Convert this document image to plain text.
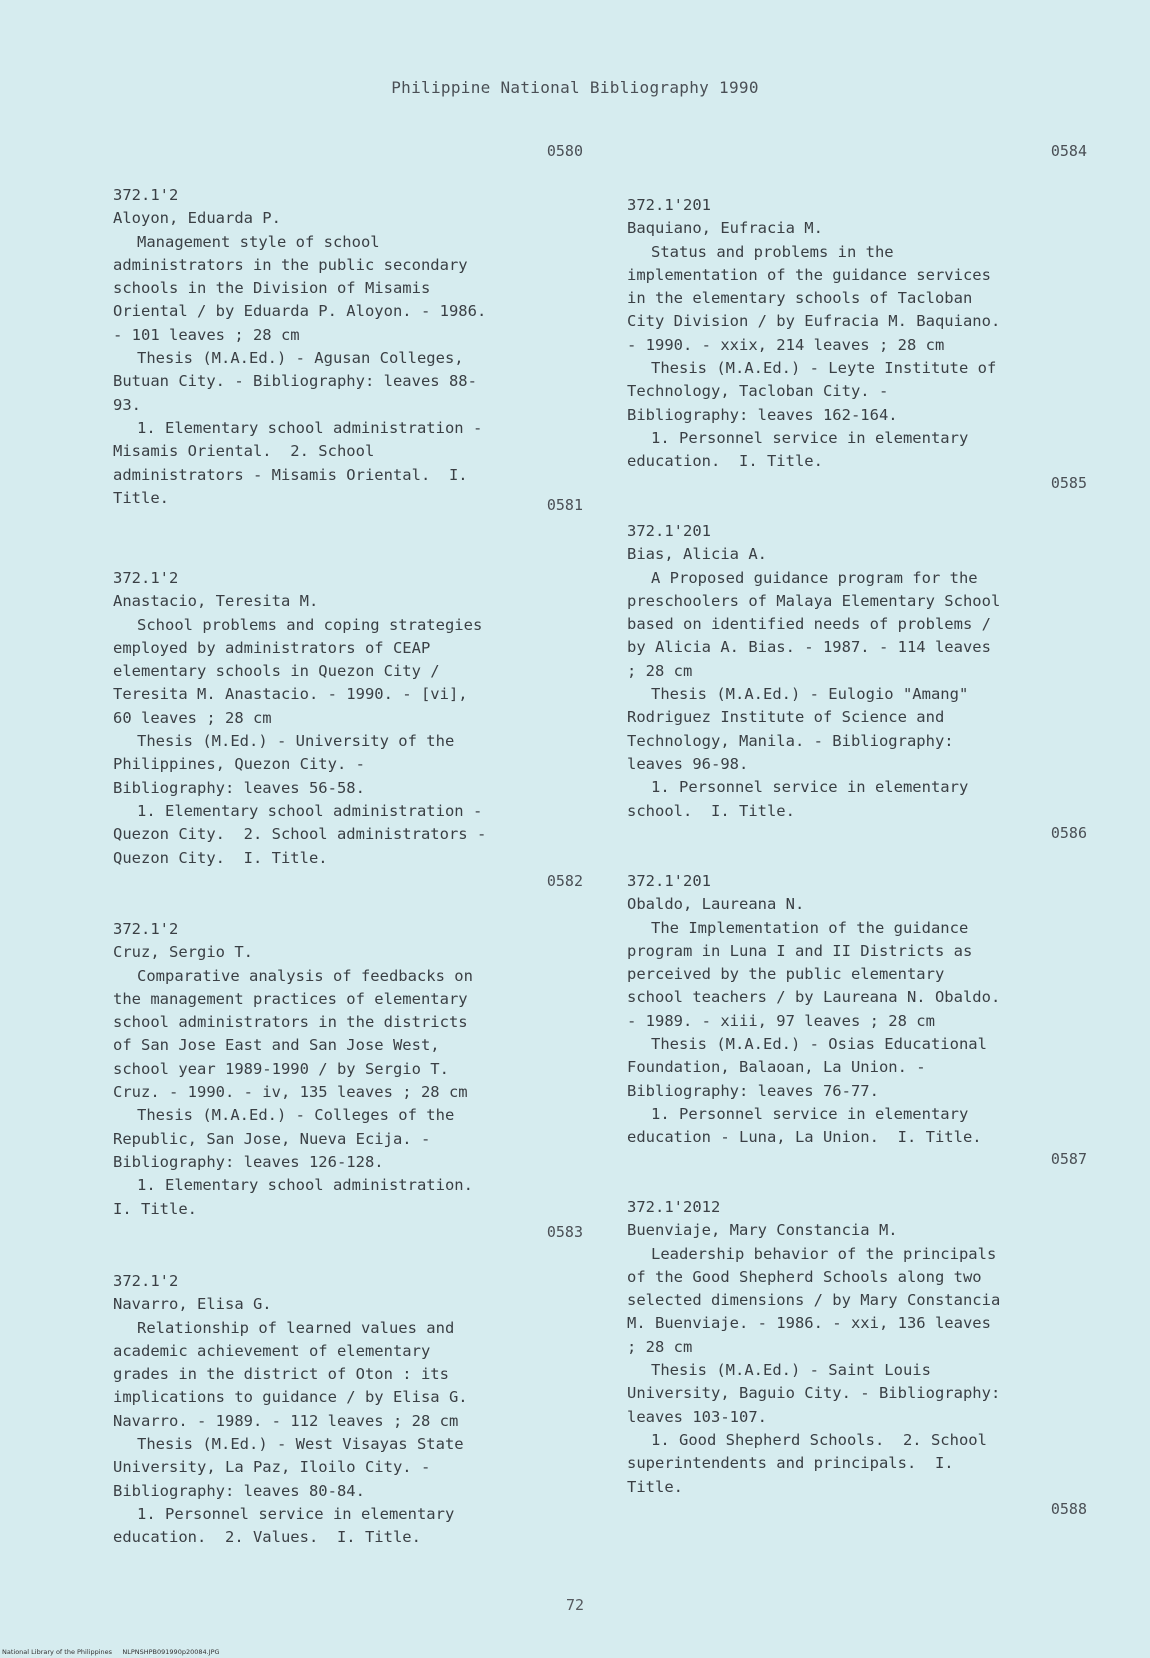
Philippine National Bibliography 1990
0580
372.1'2
Aloyon, Eduarda P.
Management style of school
administrators in the public secondary
schools in the Division of Misamis
Oriental / by Eduarda P. Aloyon. - 1986.
- 101 leaves ; 28 cm
Thesis (M.A.Ed.) - Agusan Colleges,
Butuan City. - Bibliography: leaves 88-
93.
1. Elementary school administration -
Misamis Oriental.  2. School
administrators - Misamis Oriental.  I.
Title.	0581
372.1'2
Anastacio, Teresita M.
School problems and coping strategies
employed by administrators of CEAP
elementary schools in Quezon City /
Teresita M. Anastacio. - 1990. - [vi],
60 leaves ; 28 cm
Thesis (M.Ed.) - University of the
Philippines, Quezon City. -
Bibliography: leaves 56-58.
1. Elementary school administration -
Quezon City.  2. School administrators -
Quezon City.  I. Title.
0582
372.1'2
Cruz, Sergio T.
Comparative analysis of feedbacks on
the management practices of elementary
school administrators in the districts
of San Jose East and San Jose West,
school year 1989-1990 / by Sergio T.
Cruz. - 1990. - iv, 135 leaves ; 28 cm
Thesis (M.A.Ed.) - Colleges of the
Republic, San Jose, Nueva Ecija. -
Bibliography: leaves 126-128.
1. Elementary school administration.
I. Title.
0583
372.1'2
Navarro, Elisa G.
Relationship of learned values and
academic achievement of elementary
grades in the district of Oton : its
implications to guidance / by Elisa G.
Navarro. - 1989. - 112 leaves ; 28 cm
Thesis (M.Ed.) - West Visayas State
University, La Paz, Iloilo City. -
Bibliography: leaves 80-84.
1. Personnel service in elementary
education.  2. Values.  I. Title.
0584
372.1'201
Baquiano, Eufracia M.
Status and problems in the
implementation of the guidance services
in the elementary schools of Tacloban
City Division / by Eufracia M. Baquiano.
- 1990. - xxix, 214 leaves ; 28 cm
Thesis (M.A.Ed.) - Leyte Institute of
Technology, Tacloban City. -
Bibliography: leaves 162-164.
1. Personnel service in elementary
education.  I. Title.
0585
372.1'201
Bias, Alicia A.
A Proposed guidance program for the
preschoolers of Malaya Elementary School
based on identified needs of problems /
by Alicia A. Bias. - 1987. - 114 leaves
; 28 cm
Thesis (M.A.Ed.) - Eulogio "Amang"
Rodriguez Institute of Science and
Technology, Manila. - Bibliography:
leaves 96-98.
1. Personnel service in elementary
school.  I. Title.
0586
372.1'201
Obaldo, Laureana N.
The Implementation of the guidance
program in Luna I and II Districts as
perceived by the public elementary
school teachers / by Laureana N. Obaldo.
- 1989. - xiii, 97 leaves ; 28 cm
Thesis (M.A.Ed.) - Osias Educational
Foundation, Balaoan, La Union. -
Bibliography: leaves 76-77.
1. Personnel service in elementary
education - Luna, La Union.  I. Title.
0587
372.1'2012
Buenviaje, Mary Constancia M.
Leadership behavior of the principals
of the Good Shepherd Schools along two
selected dimensions / by Mary Constancia
M. Buenviaje. - 1986. - xxi, 136 leaves
; 28 cm
Thesis (M.A.Ed.) - Saint Louis
University, Baguio City. - Bibliography:
leaves 103-107.
1. Good Shepherd Schools.  2. School
superintendents and principals.  I.
Title.
0588
72
National Library of the Philippines     NLPNSHPB091990p20084.JPG
